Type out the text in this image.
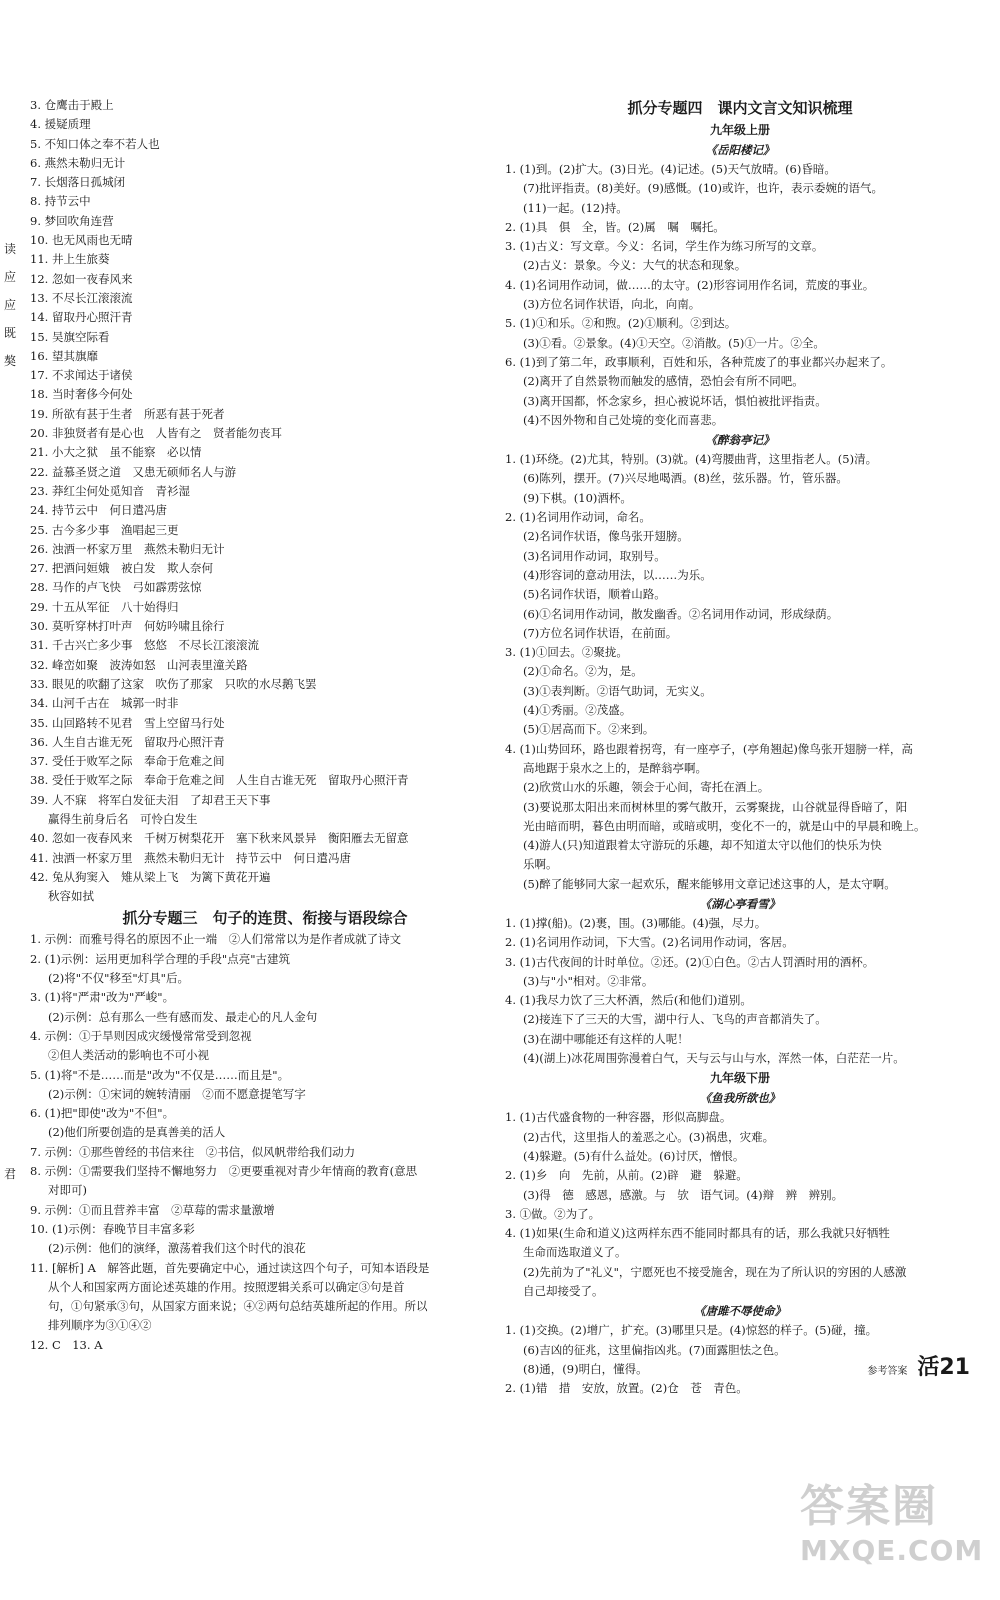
读
应
应
既
獒
君
3. 仓鹰击于殿上
4. 援疑质理
5. 不知口体之奉不若人也
6. 燕然未勒归无计
7. 长烟落日孤城闭
8. 持节云中
9. 梦回吹角连营
10. 也无风雨也无晴
11. 井上生旅葵
12. 忽如一夜春风来
13. 不尽长江滚滚流
14. 留取丹心照汗青
15. 吴旗空际看
16. 望其旗靡
17. 不求闻达于诸侯
18. 当时奢侈今何处
19. 所欲有甚于生者　所恶有甚于死者
20. 非独贤者有是心也　人皆有之　贤者能勿丧耳
21. 小大之狱　虽不能察　必以情
22. 益慕圣贤之道　又患无硕师名人与游
23. 莽红尘何处觅知音　青衫湿
24. 持节云中　何日遣冯唐
25. 古今多少事　渔唱起三更
26. 浊酒一杯家万里　燕然未勒归无计
27. 把酒问姮娥　被白发　欺人奈何
28. 马作的卢飞快　弓如霹雳弦惊
29. 十五从军征　八十始得归
30. 莫听穿林打叶声　何妨吟啸且徐行
31. 千古兴亡多少事　悠悠　不尽长江滚滚流
32. 峰峦如聚　波涛如怒　山河表里潼关路
33. 眼见的吹翻了这家　吹伤了那家　只吹的水尽鹅飞罢
34. 山河千古在　城郭一时非
35. 山回路转不见君　雪上空留马行处
36. 人生自古谁无死　留取丹心照汗青
37. 受任于败军之际　奉命于危难之间
38. 受任于败军之际　奉命于危难之间　人生自古谁无死　留取丹心照汗青
39. 人不寐　将军白发征夫泪　了却君王天下事
赢得生前身后名　可怜白发生
40. 忽如一夜春风来　千树万树梨花开　塞下秋来风景异　衡阳雁去无留意
41. 浊酒一杯家万里　燕然未勒归无计　持节云中　何日遣冯唐
42. 兔从狗窦入　雉从梁上飞　为篱下黄花开遍
秋容如拭
抓分专题三　句子的连贯、衔接与语段综合
1. 示例：而雅号得名的原因不止一端　②人们常常以为是作者成就了诗文
2. (1)示例：运用更加科学合理的手段"点亮"古建筑
(2)将"不仅"移至"灯具"后。
3. (1)将"严肃"改为"严峻"。
(2)示例：总有那么一些有感而发、最走心的凡人金句
4. 示例：①于旱则因成灾缓慢常常受到忽视
②但人类活动的影响也不可小视
5. (1)将"不是……而是"改为"不仅是……而且是"。
(2)示例：①宋词的婉转清丽　②而不愿意提笔写字
6. (1)把"即使"改为"不但"。
(2)他们所要创造的是真善美的活人
7. 示例：①那些曾经的书信来往　②书信，似风帆带给我们动力
8. 示例：①需要我们坚持不懈地努力　②更要重视对青少年情商的教育(意思
对即可)
9. 示例：①而且营养丰富　②草莓的需求量激增
10. (1)示例：春晚节目丰富多彩
(2)示例：他们的演绎，激荡着我们这个时代的浪花
11. [解析] A　解答此题，首先要确定中心，通过读这四个句子，可知本语段是
从个人和国家两方面论述英雄的作用。按照逻辑关系可以确定③句是首
句，①句紧承③句，从国家方面来说；④②两句总结英雄所起的作用。所以
排列顺序为③①④②
12. C　13. A
抓分专题四　课内文言文知识梳理
九年级上册
《岳阳楼记》
1. (1)到。(2)扩大。(3)日光。(4)记述。(5)天气放晴。(6)昏暗。
(7)批评指责。(8)美好。(9)感慨。(10)或许，也许，表示委婉的语气。
(11)一起。(12)持。
2. (1)具　俱　全，皆。(2)属　嘱　嘱托。
3. (1)古义：写文章。今义：名词，学生作为练习所写的文章。
(2)古义：景象。今义：大气的状态和现象。
4. (1)名词用作动词，做……的太守。(2)形容词用作名词，荒废的事业。
(3)方位名词作状语，向北，向南。
5. (1)①和乐。②和煦。(2)①顺利。②到达。
(3)①看。②景象。(4)①天空。②消散。(5)①一片。②全。
6. (1)到了第二年，政事顺利，百姓和乐，各种荒废了的事业都兴办起来了。
(2)离开了自然景物而触发的感情，恐怕会有所不同吧。
(3)离开国都，怀念家乡，担心被说坏话，惧怕被批评指责。
(4)不因外物和自己处境的变化而喜悲。
《醉翁亭记》
1. (1)环绕。(2)尤其，特别。(3)就。(4)弯腰曲背，这里指老人。(5)清。
(6)陈列，摆开。(7)兴尽地喝酒。(8)丝，弦乐器。竹，管乐器。
(9)下棋。(10)酒杯。
2. (1)名词用作动词，命名。
(2)名词作状语，像鸟张开翅膀。
(3)名词用作动词，取别号。
(4)形容词的意动用法，以……为乐。
(5)名词作状语，顺着山路。
(6)①名词用作动词，散发幽香。②名词用作动词，形成绿荫。
(7)方位名词作状语，在前面。
3. (1)①回去。②聚拢。
(2)①命名。②为，是。
(3)①表判断。②语气助词，无实义。
(4)①秀丽。②茂盛。
(5)①居高而下。②来到。
4. (1)山势回环，路也跟着拐弯，有一座亭子，(亭角翘起)像鸟张开翅膀一样，高
高地踞于泉水之上的，是醉翁亭啊。
(2)欣赏山水的乐趣，领会于心间，寄托在酒上。
(3)要说那太阳出来而树林里的雾气散开，云雾聚拢，山谷就显得昏暗了，阳
光由暗而明，暮色由明而暗，或暗或明，变化不一的，就是山中的早晨和晚上。
(4)游人(只)知道跟着太守游玩的乐趣，却不知道太守以他们的快乐为快
乐啊。
(5)醉了能够同大家一起欢乐，醒来能够用文章记述这事的人，是太守啊。
《湖心亭看雪》
1. (1)撑(船)。(2)裹，围。(3)哪能。(4)强，尽力。
2. (1)名词用作动词，下大雪。(2)名词用作动词，客居。
3. (1)古代夜间的计时单位。②还。(2)①白色。②古人罚酒时用的酒杯。
(3)与"小"相对。②非常。
4. (1)我尽力饮了三大杯酒，然后(和他们)道别。
(2)接连下了三天的大雪，湖中行人、飞鸟的声音都消失了。
(3)在湖中哪能还有这样的人呢！
(4)(湖上)冰花周围弥漫着白气，天与云与山与水，浑然一体，白茫茫一片。
九年级下册
《鱼我所欲也》
1. (1)古代盛食物的一种容器，形似高脚盘。
(2)古代，这里指人的羞恶之心。(3)祸患，灾难。
(4)躲避。(5)有什么益处。(6)讨厌，憎恨。
2. (1)乡　向　先前，从前。(2)辟　避　躲避。
(3)得　德　感恩，感激。与　欤　语气词。(4)辩　辨　辨别。
3. ①做。②为了。
4. (1)如果(生命和道义)这两样东西不能同时都具有的话，那么我就只好牺牲
生命而选取道义了。
(2)先前为了"礼义"，宁愿死也不接受施舍，现在为了所认识的穷困的人感激
自己却接受了。
《唐雎不辱使命》
1. (1)交换。(2)增广，扩充。(3)哪里只是。(4)惊怒的样子。(5)碰，撞。
(6)吉凶的征兆，这里偏指凶兆。(7)面露胆怯之色。
(8)通，(9)明白，懂得。
2. (1)错　措　安放，放置。(2)仓　苍　青色。
参考答案 活21
答案圈
MXQE.COM
